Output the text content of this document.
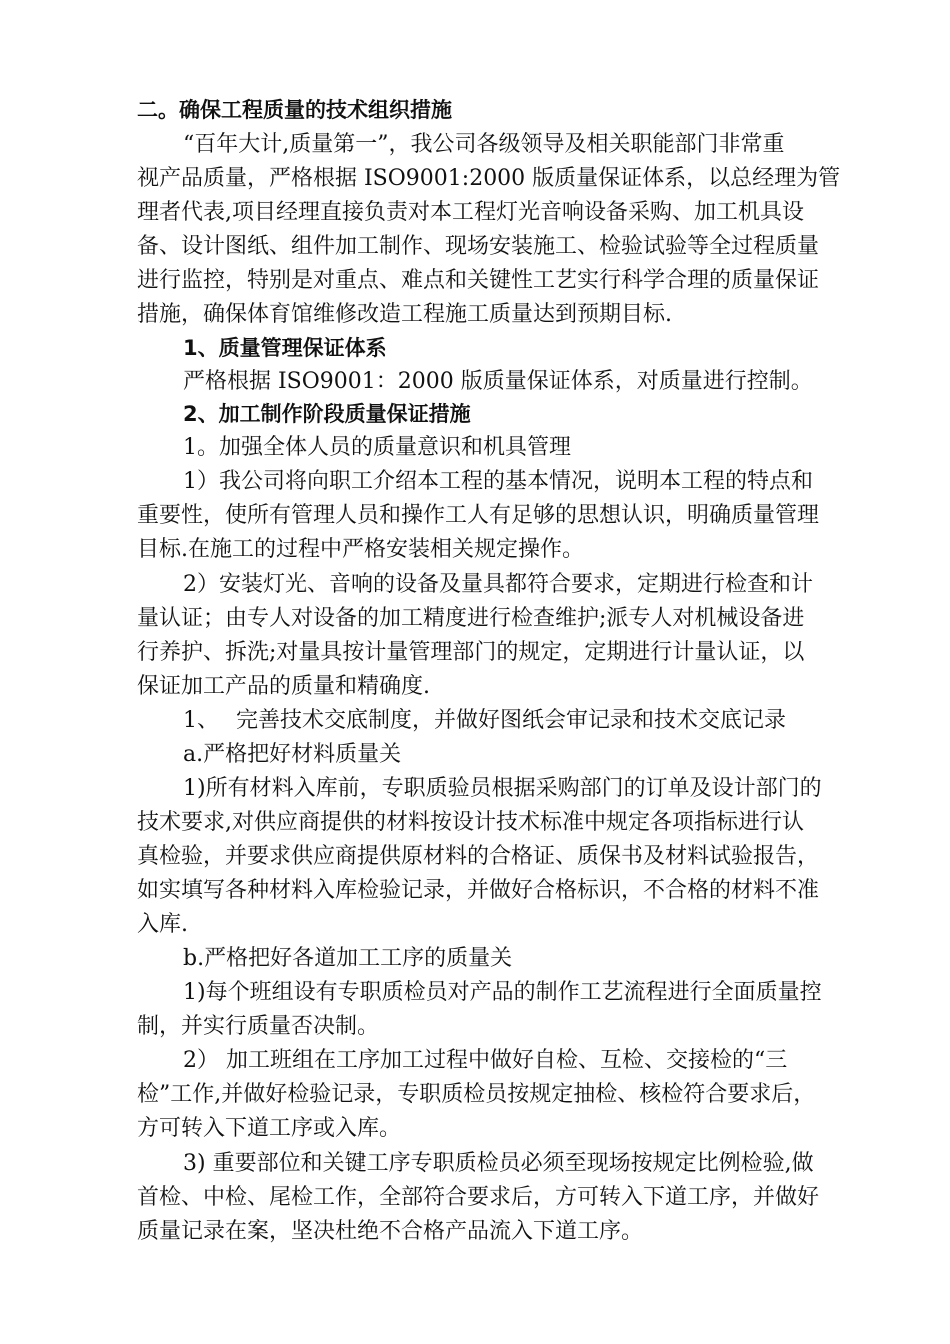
二。确保工程质量的技术组织措施
“百年大计,质量第一”，我公司各级领导及相关职能部门非常重
视产品质量，严格根据 ISO9001:2000 版质量保证体系，以总经理为管
理者代表,项目经理直接负责对本工程灯光音响设备采购、加工机具设
备、设计图纸、组件加工制作、现场安装施工、检验试验等全过程质量
进行监控，特别是对重点、难点和关键性工艺实行科学合理的质量保证
措施，确保体育馆维修改造工程施工质量达到预期目标.
1、质量管理保证体系
严格根据 ISO9001：2000 版质量保证体系，对质量进行控制。
2、加工制作阶段质量保证措施
1。加强全体人员的质量意识和机具管理
1）我公司将向职工介绍本工程的基本情况，说明本工程的特点和
重要性，使所有管理人员和操作工人有足够的思想认识，明确质量管理
目标.在施工的过程中严格安装相关规定操作。
2）安装灯光、音响的设备及量具都符合要求，定期进行检查和计
量认证；由专人对设备的加工精度进行检查维护;派专人对机械设备进
行养护、拆洗;对量具按计量管理部门的规定，定期进行计量认证，以
保证加工产品的质量和精确度.
1、 完善技术交底制度，并做好图纸会审记录和技术交底记录
a.严格把好材料质量关
1)所有材料入库前，专职质验员根据采购部门的订单及设计部门的
技术要求,对供应商提供的材料按设计技术标准中规定各项指标进行认
真检验，并要求供应商提供原材料的合格证、质保书及材料试验报告，
如实填写各种材料入库检验记录，并做好合格标识，不合格的材料不准
入库.
b.严格把好各道加工工序的质量关
1)每个班组设有专职质检员对产品的制作工艺流程进行全面质量控
制，并实行质量否决制。
2） 加工班组在工序加工过程中做好自检、互检、交接检的“三
检”工作,并做好检验记录，专职质检员按规定抽检、核检符合要求后，
方可转入下道工序或入库。
3) 重要部位和关键工序专职质检员必须至现场按规定比例检验,做
首检、中检、尾检工作，全部符合要求后，方可转入下道工序，并做好
质量记录在案，坚决杜绝不合格产品流入下道工序。
